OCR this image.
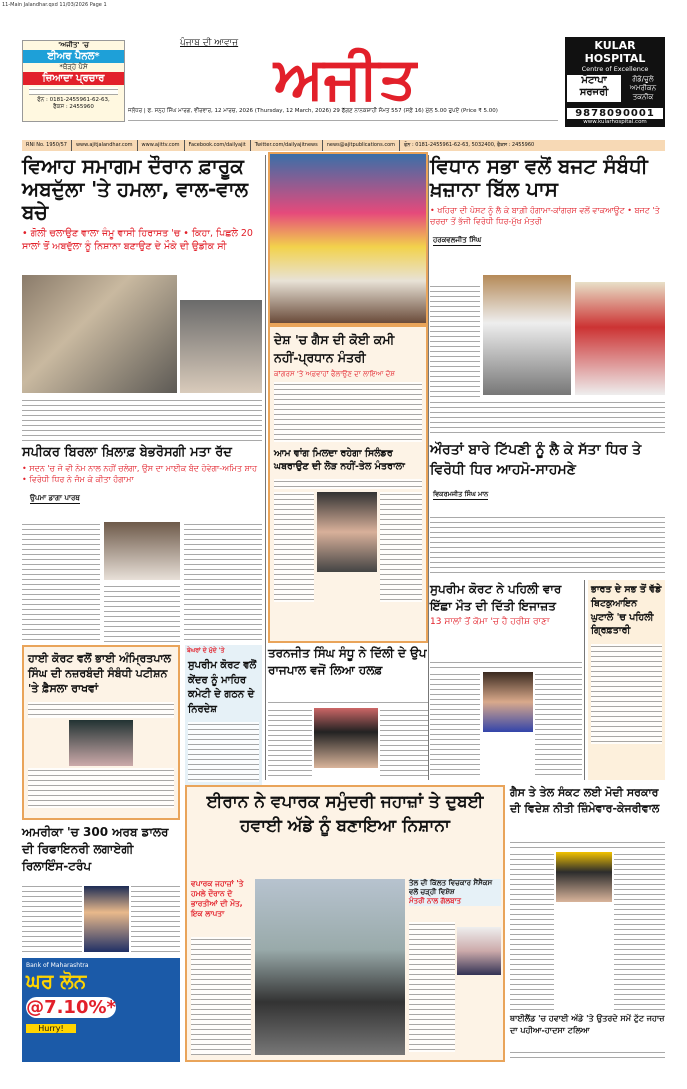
11-Main Jalandhar.qxd 11/03/2026 Page 1
'ਅਜੀਤ' 'ਚ
ਈਅਰ ਪੈਨਲ*
*ਥੋੜ੍ਹੇ ਪੈਸੇ
ਜ਼ਿਆਦਾ ਪ੍ਰਚਾਰ
ਫੋਨ : 0181-2455961-62-63,
ਫੈਕਸ : 2455960
ਪੰਜਾਬ ਦੀ ਆਵਾਜ਼
ਅਜੀਤ
ਜਲੰਧਰ | ਫ. ਸਨ੍ਹ ਸਿੰਘ ਮਾਰਗ, ਵੀਰਵਾਰ, 12 ਮਾਰਚ, 2026 (Thursday, 12 March, 2026) 29 ਫੱਗਣ ਨਾਨਕਸ਼ਾਹੀ ਸੰਮਤ 557 (ਸਫ਼ੇ 16) ਮੁੱਲ 5.00 ਰੁਪਏ (Price ₹ 5.00)
KULAR HOSPITAL
Centre of Excellence
ਮੋਟਾਪਾ
ਸਰਜਰੀ
ਗੋਡੇ/ਚੂਲੇ ਅਮਰੀਕਨ ਤਕਨੀਕ
9878090001
www.kularhospital.com
RNI No. 1950/57	www.ajitjalandhar.com	www.ajittv.com	Facebook.com/dailyajit	Twitter.com/dailyajitnews	news@ajitpublications.com	ਫੋਨ : 0181-2455961-62-63, 5032400, ਫੈਕਸ : 2455960
ਵਿਆਹ ਸਮਾਗਮ ਦੌਰਾਨ ਫ਼ਾਰੂਕ ਅਬਦੁੱਲਾ 'ਤੇ ਹਮਲਾ, ਵਾਲ-ਵਾਲ ਬਚੇ
• ਗੋਲੀ ਚਲਾਉਣ ਵਾਲਾ ਜੰਮੂ ਵਾਸੀ ਹਿਰਾਸਤ 'ਚ • ਕਿਹਾ, ਪਿਛਲੇ 20 ਸਾਲਾਂ ਤੋਂ ਅਬਦੁੱਲਾ ਨੂੰ ਨਿਸ਼ਾਨਾ ਬਣਾਉਣ ਦੇ ਮੌਕੇ ਦੀ ਉਡੀਕ ਸੀ
ਸਪੀਕਰ ਬਿਰਲਾ ਖ਼ਿਲਾਫ਼ ਬੇਭਰੋਸਗੀ ਮਤਾ ਰੱਦ
• ਸਦਨ 'ਚ ਜੋ ਵੀ ਨੇਮ ਨਾਲ ਨਹੀਂ ਚਲੇਗਾ, ਉਸ ਦਾ ਮਾਈਕ ਬੰਦ ਹੋਵੇਗਾ-ਅਮਿਤ ਸ਼ਾਹ • ਵਿਰੋਧੀ ਧਿਰ ਨੇ ਜੰਮ ਕੇ ਕੀਤਾ ਹੰਗਾਮਾ
ਉਪਮਾ ਡਾਗਾ ਪਾਰਥ
ਹਾਈ ਕੋਰਟ ਵਲੋਂ ਭਾਈ ਅੰਮ੍ਰਿਤਪਾਲ ਸਿੰਘ ਦੀ ਨਜ਼ਰਬੰਦੀ ਸੰਬੰਧੀ ਪਟੀਸ਼ਨ 'ਤੇ ਫ਼ੈਸਲਾ ਰਾਖਵਾਂ
ਬੇਘਰਾਂ ਦੇ ਮੁੱਦੇ 'ਤੇ
ਸੁਪਰੀਮ ਕੋਰਟ ਵਲੋਂ ਕੇਂਦਰ ਨੂੰ ਮਾਹਿਰ ਕਮੇਟੀ ਦੇ ਗਠਨ ਦੇ ਨਿਰਦੇਸ਼
ਅਮਰੀਕਾ 'ਚ 300 ਅਰਬ ਡਾਲਰ ਦੀ ਰਿਫਾਇਨਰੀ ਲਗਾਏਗੀ ਰਿਲਾਇੰਸ-ਟਰੰਪ
Bank of Maharashtra
ਘਰ ਲੋਨ
@7.10%*
Hurry!
ਦੇਸ਼ 'ਚ ਗੈਸ ਦੀ ਕੋਈ ਕਮੀ ਨਹੀਂ-ਪ੍ਰਧਾਨ ਮੰਤਰੀ
ਕਾਂਗਰਸ 'ਤੇ ਅਫ਼ਵਾਹਾਂ ਫੈਲਾਉਣ ਦਾ ਲਾਇਆ ਦੋਸ਼
ਆਮ ਵਾਂਗ ਮਿਲਦਾ ਰਹੇਗਾ ਸਿਲੰਡਰ ਘਬਰਾਉਣ ਦੀ ਲੋੜ ਨਹੀਂ-ਤੇਲ ਮੰਤਰਾਲਾ
ਤਰਨਜੀਤ ਸਿੰਘ ਸੰਧੂ ਨੇ ਦਿੱਲੀ ਦੇ ਉਪ ਰਾਜਪਾਲ ਵਜੋਂ ਲਿਆ ਹਲਫ਼
ਈਰਾਨ ਨੇ ਵਪਾਰਕ ਸਮੁੰਦਰੀ ਜਹਾਜ਼ਾਂ ਤੇ ਦੁਬਈ ਹਵਾਈ ਅੱਡੇ ਨੂੰ ਬਣਾਇਆ ਨਿਸ਼ਾਨਾ
ਵਪਾਰਕ ਜਹਾਜ਼ਾਂ 'ਤੇ ਹਮਲੇ ਦੌਰਾਨ ਦੋ ਭਾਰਤੀਆਂ ਦੀ ਮੌਤ, ਇਕ ਲਾਪਤਾ
ਤੇਲ ਦੀ ਕਿੱਲਤ ਵਿਚਕਾਰ ਸੈਂਸੈਕਸ ਵਲੋਂ ਚੜ੍ਹੀ ਵਿਸ਼ੇਸ਼
ਮੰਤਰੀ ਨਾਲ ਗੱਲਬਾਤ
ਵਿਧਾਨ ਸਭਾ ਵਲੋਂ ਬਜਟ ਸੰਬੰਧੀ ਖ਼ਜ਼ਾਨਾ ਬਿੱਲ ਪਾਸ
• ਖਹਿਰਾ ਦੀ ਪੋਸਟ ਨੂੰ ਲੈ ਕੇ ਬਾਗ਼ੀ ਹੰਗਾਮਾ-ਕਾਂਗਰਸ ਵਲੋਂ ਵਾਕਆਊਟ • ਬਜਟ 'ਤੇ ਚਰਚਾ ਤੋਂ ਭੱਜੀ ਵਿਰੋਧੀ ਧਿਰ-ਮੁੱਖ ਮੰਤਰੀ
ਹਰਕਵਲਜੀਤ ਸਿੰਘ
ਔਰਤਾਂ ਬਾਰੇ ਟਿੱਪਣੀ ਨੂੰ ਲੈ ਕੇ ਸੱਤਾ ਧਿਰ ਤੇ ਵਿਰੋਧੀ ਧਿਰ ਆਹਮੋ-ਸਾਹਮਣੇ
ਵਿਕਰਮਜੀਤ ਸਿੰਘ ਮਾਨ
ਸੁਪਰੀਮ ਕੋਰਟ ਨੇ ਪਹਿਲੀ ਵਾਰ ਇੱਛਾ ਮੌਤ ਦੀ ਦਿੱਤੀ ਇਜਾਜ਼ਤ
13 ਸਾਲਾਂ ਤੋਂ ਕੋਮਾ 'ਚ ਹੈ ਹਰੀਸ਼ ਰਾਣਾ
ਭਾਰਤ ਦੇ ਸਭ ਤੋਂ ਵੱਡੇ ਬਿਟਕੁਆਇਨ ਘੁਟਾਲੇ 'ਚ ਪਹਿਲੀ ਗ੍ਰਿਫ਼ਤਾਰੀ
ਗੈਸ ਤੇ ਤੇਲ ਸੰਕਟ ਲਈ ਮੋਦੀ ਸਰਕਾਰ ਦੀ ਵਿਦੇਸ਼ ਨੀਤੀ ਜ਼ਿੰਮੇਵਾਰ-ਕੇਜਰੀਵਾਲ
ਥਾਈਲੈਂਡ 'ਚ ਹਵਾਈ ਅੱਡੇ 'ਤੇ ਉਤਰਦੇ ਸਮੇਂ ਟੁੱਟ ਜਹਾਜ਼ ਦਾ ਪਹੀਆ-ਹਾਦਸਾ ਟਲਿਆ
